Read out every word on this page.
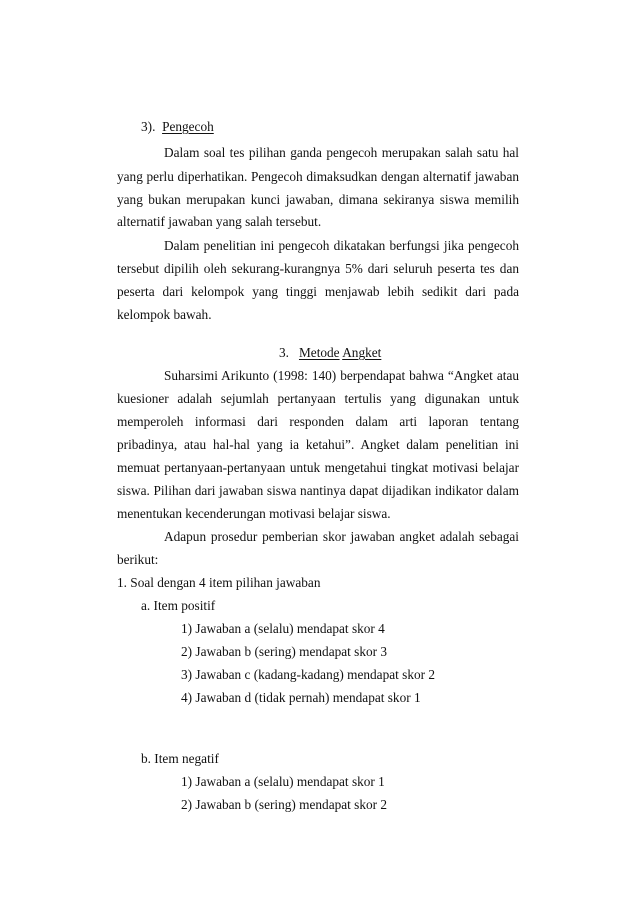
3). Pengecoh
Dalam soal tes pilihan ganda pengecoh merupakan salah satu hal
yang perlu diperhatikan. Pengecoh dimaksudkan dengan alternatif jawaban
yang bukan merupakan kunci jawaban, dimana sekiranya siswa memilih
alternatif jawaban yang salah tersebut.
Dalam penelitian ini pengecoh dikatakan berfungsi jika pengecoh
tersebut dipilih oleh sekurang-kurangnya 5% dari seluruh peserta tes dan
peserta dari kelompok yang tinggi menjawab lebih sedikit dari pada
kelompok bawah.
3. Metode Angket
Suharsimi Arikunto (1998: 140) berpendapat bahwa “Angket atau
kuesioner adalah sejumlah pertanyaan tertulis yang digunakan untuk
memperoleh informasi dari responden dalam arti laporan tentang
pribadinya, atau hal-hal yang ia ketahui”. Angket dalam penelitian ini
memuat pertanyaan-pertanyaan untuk mengetahui tingkat motivasi belajar
siswa. Pilihan dari jawaban siswa nantinya dapat dijadikan indikator dalam
menentukan kecenderungan motivasi belajar siswa.
Adapun prosedur pemberian skor jawaban angket adalah sebagai
berikut:
1. Soal dengan 4 item pilihan jawaban
a. Item positif
1) Jawaban a (selalu) mendapat skor 4
2) Jawaban b (sering) mendapat skor 3
3) Jawaban c (kadang-kadang) mendapat skor 2
4) Jawaban d (tidak pernah) mendapat skor 1
b. Item negatif
1) Jawaban a (selalu) mendapat skor 1
2) Jawaban b (sering) mendapat skor 2
